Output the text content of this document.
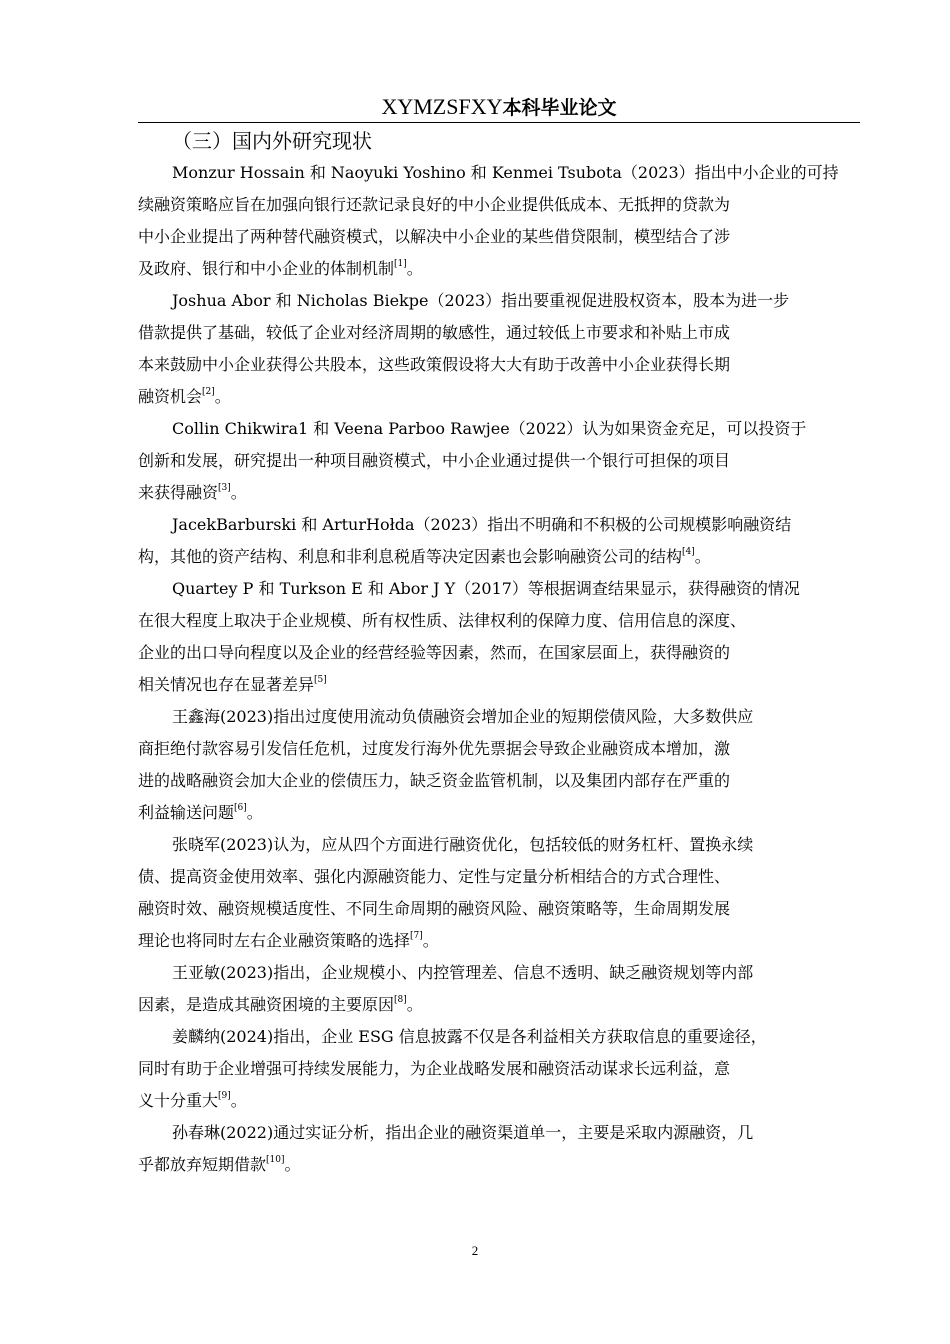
XYMZSFXY本科毕业论文
（三）国内外研究现状
Monzur Hossain 和 Naoyuki Yoshino 和 Kenmei Tsubota（2023）指出中小企业的可持
续融资策略应旨在加强向银行还款记录良好的中小企业提供低成本、无抵押的贷款为
中小企业提出了两种替代融资模式，以解决中小企业的某些借贷限制，模型结合了涉
及政府、银行和中小企业的体制机制[1]。
Joshua Abor 和 Nicholas Biekpe（2023）指出要重视促进股权资本，股本为进一步
借款提供了基础，较低了企业对经济周期的敏感性，通过较低上市要求和补贴上市成
本来鼓励中小企业获得公共股本，这些政策假设将大大有助于改善中小企业获得长期
融资机会[2]。
Collin Chikwira1 和 Veena Parboo Rawjee（2022）认为如果资金充足，可以投资于
创新和发展，研究提出一种项目融资模式，中小企业通过提供一个银行可担保的项目
来获得融资[3]。
JacekBarburski 和 ArturHołda（2023）指出不明确和不积极的公司规模影响融资结
构，其他的资产结构、利息和非利息税盾等决定因素也会影响融资公司的结构[4]。
Quartey P 和 Turkson E 和 Abor J Y（2017）等根据调查结果显示，获得融资的情况
在很大程度上取决于企业规模、所有权性质、法律权利的保障力度、信用信息的深度、
企业的出口导向程度以及企业的经营经验等因素，然而，在国家层面上，获得融资的
相关情况也存在显著差异[5]
王鑫海(2023)指出过度使用流动负债融资会增加企业的短期偿债风险，大多数供应
商拒绝付款容易引发信任危机，过度发行海外优先票据会导致企业融资成本增加，激
进的战略融资会加大企业的偿债压力，缺乏资金监管机制，以及集团内部存在严重的
利益输送问题[6]。
张晓军(2023)认为，应从四个方面进行融资优化，包括较低的财务杠杆、置换永续
债、提高资金使用效率、强化内源融资能力、定性与定量分析相结合的方式合理性、
融资时效、融资规模适度性、不同生命周期的融资风险、融资策略等，生命周期发展
理论也将同时左右企业融资策略的选择[7]。
王亚敏(2023)指出，企业规模小、内控管理差、信息不透明、缺乏融资规划等内部
因素，是造成其融资困境的主要原因[8]。
姜麟纳(2024)指出，企业 ESG 信息披露不仅是各利益相关方获取信息的重要途径，
同时有助于企业增强可持续发展能力，为企业战略发展和融资活动谋求长远利益，意
义十分重大[9]。
孙春琳(2022)通过实证分析，指出企业的融资渠道单一，主要是采取内源融资，几
乎都放弃短期借款[10]。
2
